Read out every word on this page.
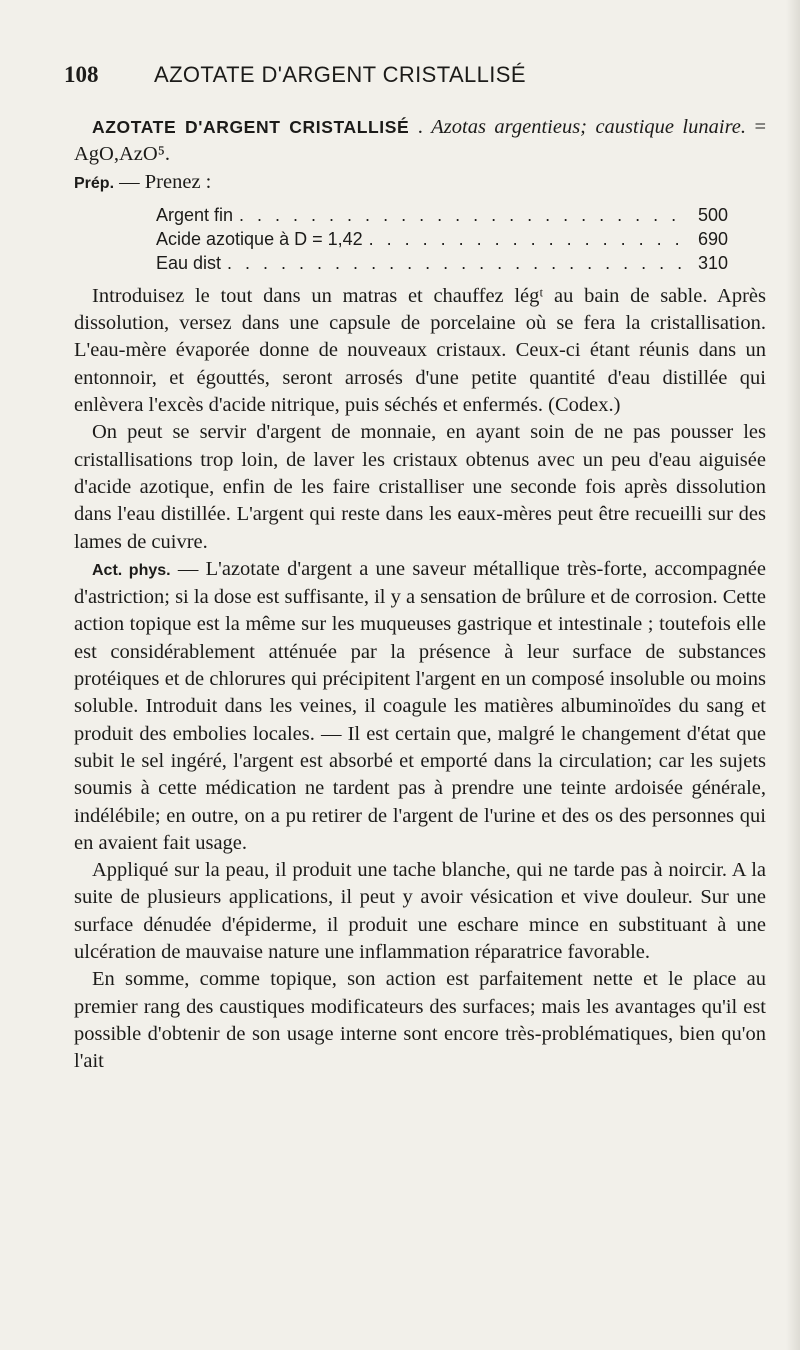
108	AZOTATE D'ARGENT CRISTALLISÉ
AZOTATE D'ARGENT CRISTALLISÉ . Azotas argentieus; caustique lunaire. = AgO,AzO⁵.
Prép. — Prenez :
Argent fin . . .	500
Acide azotique à D = 1,42 . . .	690
Eau dist . . .	310

Introduisez le tout dans un matras et chauffez légᵗ au bain de sable. Après dissolution, versez dans une capsule de porcelaine où se fera la cristallisation. L'eau-mère évaporée donne de nouveaux cristaux. Ceux-ci étant réunis dans un entonnoir, et égouttés, seront arrosés d'une petite quantité d'eau distillée qui enlèvera l'excès d'acide nitrique, puis séchés et enfermés. (Codex.)

On peut se servir d'argent de monnaie, en ayant soin de ne pas pousser les cristallisations trop loin, de laver les cristaux obtenus avec un peu d'eau aiguisée d'acide azotique, enfin de les faire cristalliser une seconde fois après dissolution dans l'eau distillée. L'argent qui reste dans les eaux-mères peut être recueilli sur des lames de cuivre.

Act. phys. — L'azotate d'argent a une saveur métallique très-forte, accompagnée d'astriction; si la dose est suffisante, il y a sensation de brûlure et de corrosion. Cette action topique est la même sur les muqueuses gastrique et intestinale ; toutefois elle est considérablement atténuée par la présence à leur surface de substances protéiques et de chlorures qui précipitent l'argent en un composé insoluble ou moins soluble. Introduit dans les veines, il coagule les matières albuminoïdes du sang et produit des embolies locales. — Il est certain que, malgré le changement d'état que subit le sel ingéré, l'argent est absorbé et emporté dans la circulation; car les sujets soumis à cette médication ne tardent pas à prendre une teinte ardoisée générale, indélébile; en outre, on a pu retirer de l'argent de l'urine et des os des personnes qui en avaient fait usage.

Appliqué sur la peau, il produit une tache blanche, qui ne tarde pas à noircir. A la suite de plusieurs applications, il peut y avoir vésication et vive douleur. Sur une surface dénudée d'épiderme, il produit une eschare mince en substituant à une ulcération de mauvaise nature une inflammation réparatrice favorable.

En somme, comme topique, son action est parfaitement nette et le place au premier rang des caustiques modificateurs des surfaces; mais les avantages qu'il est possible d'obtenir de son usage interne sont encore très-problématiques, bien qu'on l'ait
